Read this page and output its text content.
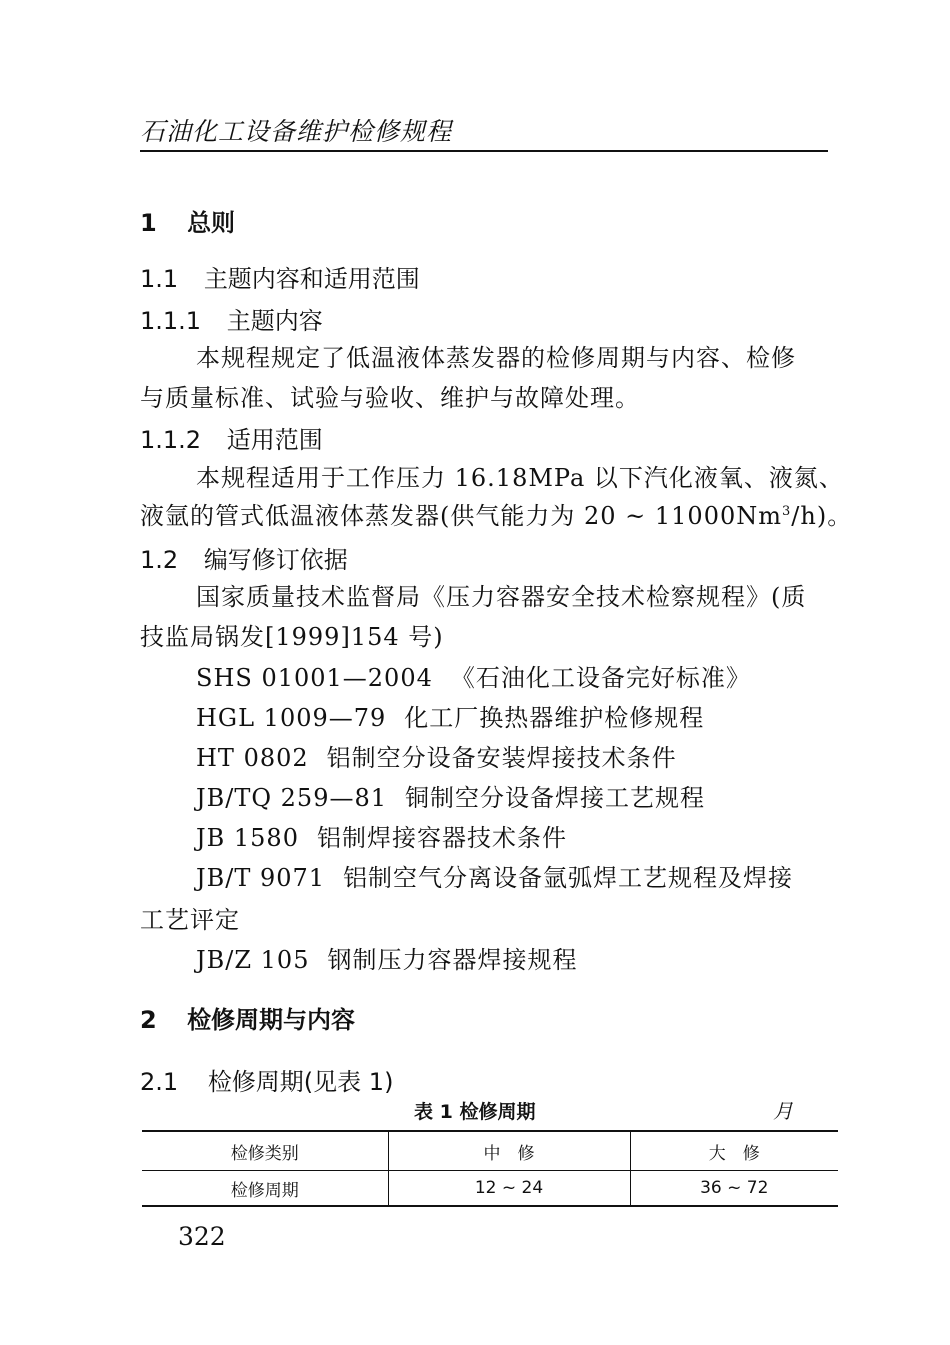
石油化工设备维护检修规程
1 总则
1.1 主题内容和适用范围
1.1.1 主题内容
本规程规定了低温液体蒸发器的检修周期与内容、检修
与质量标准、试验与验收、维护与故障处理。
1.1.2 适用范围
本规程适用于工作压力 16.18MPa 以下汽化液氧、液氮、
液氩的管式低温液体蒸发器(供气能力为 20 ~ 11000Nm$^3$/h)。
1.2 编写修订依据
国家质量技术监督局《压力容器安全技术检察规程》(质
技监局锅发[1999]154 号)
SHS 01001—2004 《石油化工设备完好标准》
HGL 1009—79 化工厂换热器维护检修规程
HT 0802 铝制空分设备安装焊接技术条件
JB/TQ 259—81 铜制空分设备焊接工艺规程
JB 1580 铝制焊接容器技术条件
JB/T 9071 铝制空气分离设备氩弧焊工艺规程及焊接
工艺评定
JB/Z 105 钢制压力容器焊接规程
2 检修周期与内容
2.1 检修周期(见表 1)
表 1 检修周期	月
检修类别	中　修	大　修
检修周期	12 ~ 24	36 ~ 72
322
